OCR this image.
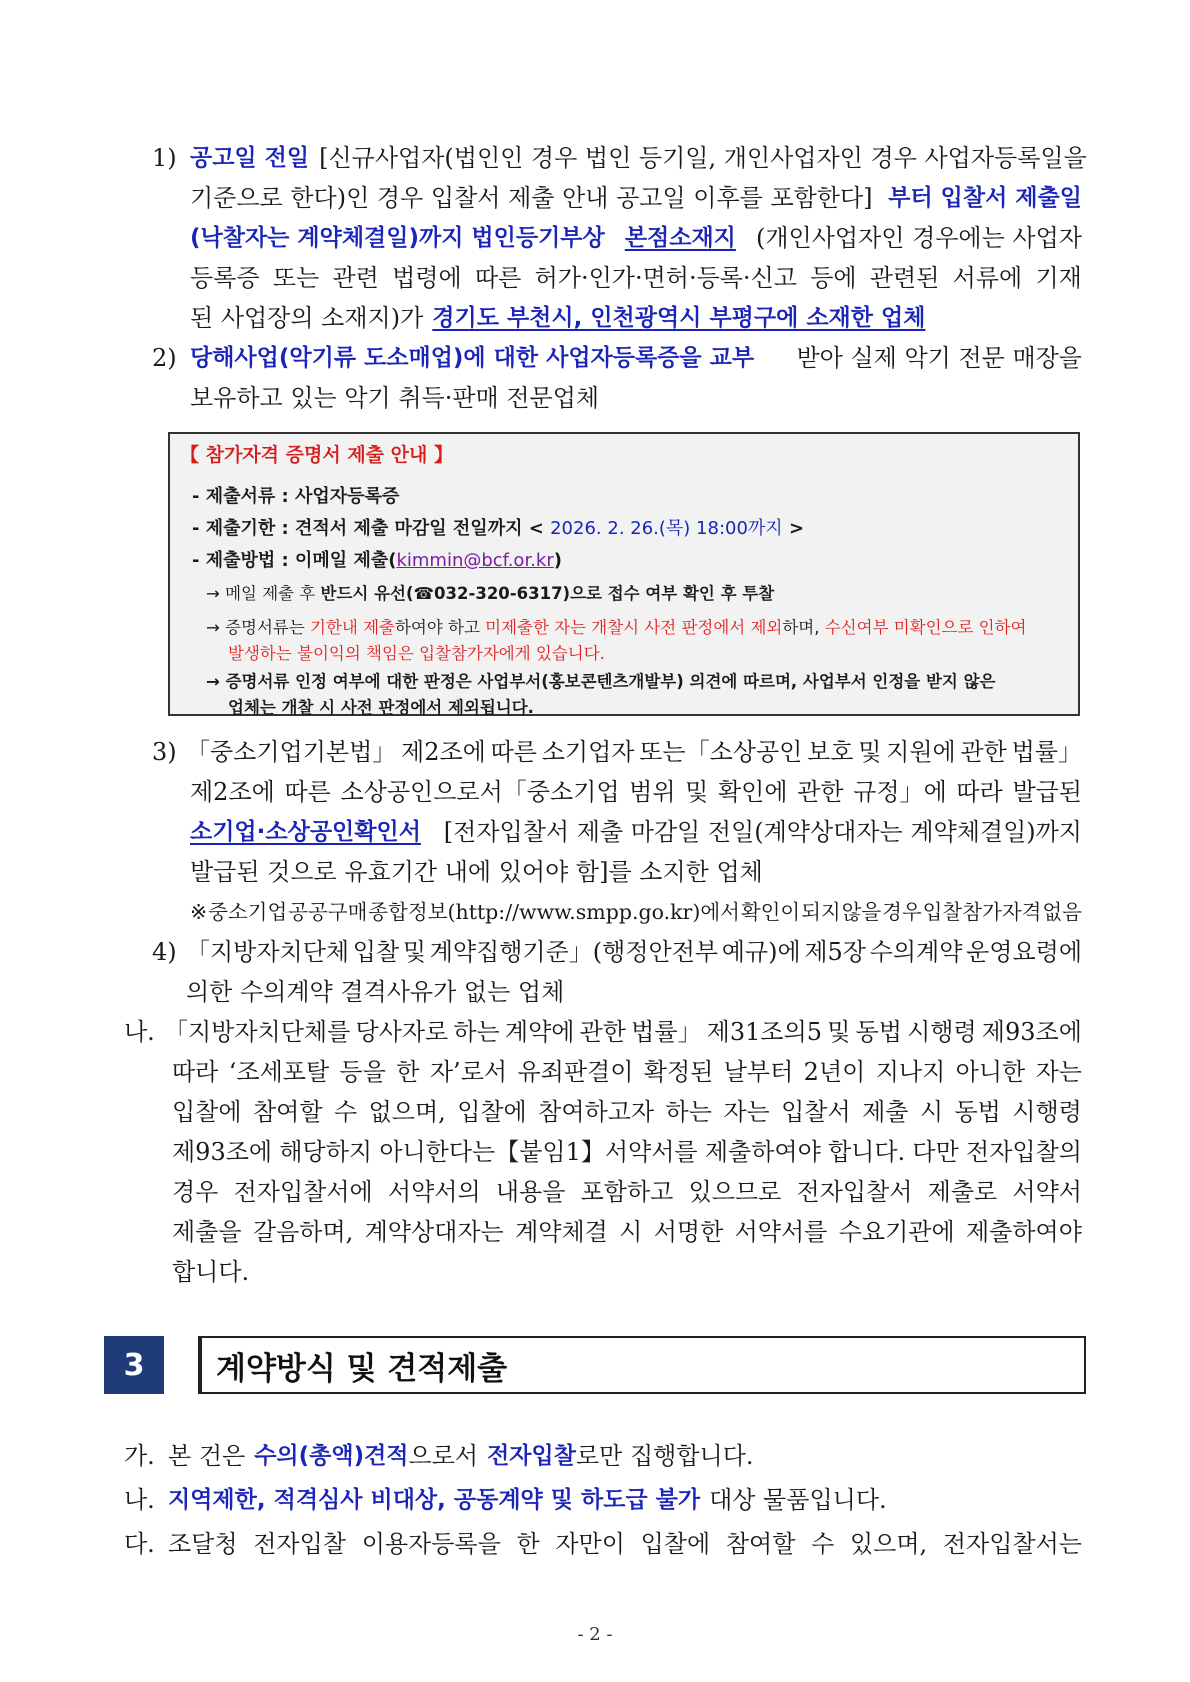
1) 공고일 전일 [신규사업자(법인인 경우 법인 등기일, 개인사업자인 경우 사업자등록일을
기준으로 한다)인 경우 입찰서 제출 안내 공고일 이후를 포함한다] 부터 입찰서 제출일
(낙찰자는 계약체결일)까지 법인등기부상 본점소재지 (개인사업자인 경우에는 사업자
등록증 또는 관련 법령에 따른 허가·인가·면허·등록·신고 등에 관련된 서류에 기재
된 사업장의 소재지)가 경기도 부천시, 인천광역시 부평구에 소재한 업체
2) 당해사업(악기류 도소매업)에 대한 사업자등록증을 교부 받아 실제 악기 전문 매장을
보유하고 있는 악기 취득·판매 전문업체
【 참가자격 증명서 제출 안내 】
- 제출서류 : 사업자등록증
- 제출기한 : 견적서 제출 마감일 전일까지 < 2026. 2. 26.(목) 18:00까지 >
- 제출방법 : 이메일 제출(kimmin@bcf.or.kr)
→ 메일 제출 후 반드시 유선(☎032-320-6317)으로 접수 여부 확인 후 투찰
→ 증명서류는 기한내 제출하여야 하고 미제출한 자는 개찰시 사전 판정에서 제외하며, 수신여부 미확인으로 인하여
발생하는 불이익의 책임은 입찰참가자에게 있습니다.
→ 증명서류 인정 여부에 대한 판정은 사업부서(홍보콘텐츠개발부) 의견에 따르며, 사업부서 인정을 받지 않은
업체는 개찰 시 사전 판정에서 제외됩니다.
3) 「중소기업기본법」 제2조에 따른 소기업자 또는「소상공인 보호 및 지원에 관한 법률」
제2조에 따른 소상공인으로서「중소기업 범위 및 확인에 관한 규정」에 따라 발급된
소기업·소상공인확인서 [전자입찰서 제출 마감일 전일(계약상대자는 계약체결일)까지
발급된 것으로 유효기간 내에 있어야 함]를 소지한 업체
※ 중소기업 공공구매 종합정보(http://www.smpp.go.kr)에서 확인이 되지 않을 경우 입찰참가자격 없음
4) 「지방자치단체 입찰 및 계약집행기준」(행정안전부 예규)에 제5장 수의계약 운영요령에
의한 수의계약 결격사유가 없는 업체
나. 「지방자치단체를 당사자로 하는 계약에 관한 법률」 제31조의5 및 동법 시행령 제93조에
따라 ‘조세포탈 등을 한 자’로서 유죄판결이 확정된 날부터 2년이 지나지 아니한 자는
입찰에 참여할 수 없으며, 입찰에 참여하고자 하는 자는 입찰서 제출 시 동법 시행령
제93조에 해당하지 아니한다는【붙임1】서약서를 제출하여야 합니다. 다만 전자입찰의
경우 전자입찰서에 서약서의 내용을 포함하고 있으므로 전자입찰서 제출로 서약서
제출을 갈음하며, 계약상대자는 계약체결 시 서명한 서약서를 수요기관에 제출하여야
합니다.
3	계약방식 및 견적제출
가. 본 건은 수의(총액)견적 으로서 전자입찰 로만 집행합니다.
나. 지역제한, 적격심사 비대상, 공동계약 및 하도급 불가 대상 물품입니다.
다. 조달청 전자입찰 이용자등록을 한 자만이 입찰에 참여할 수 있으며, 전자입찰서는
- 2 -
